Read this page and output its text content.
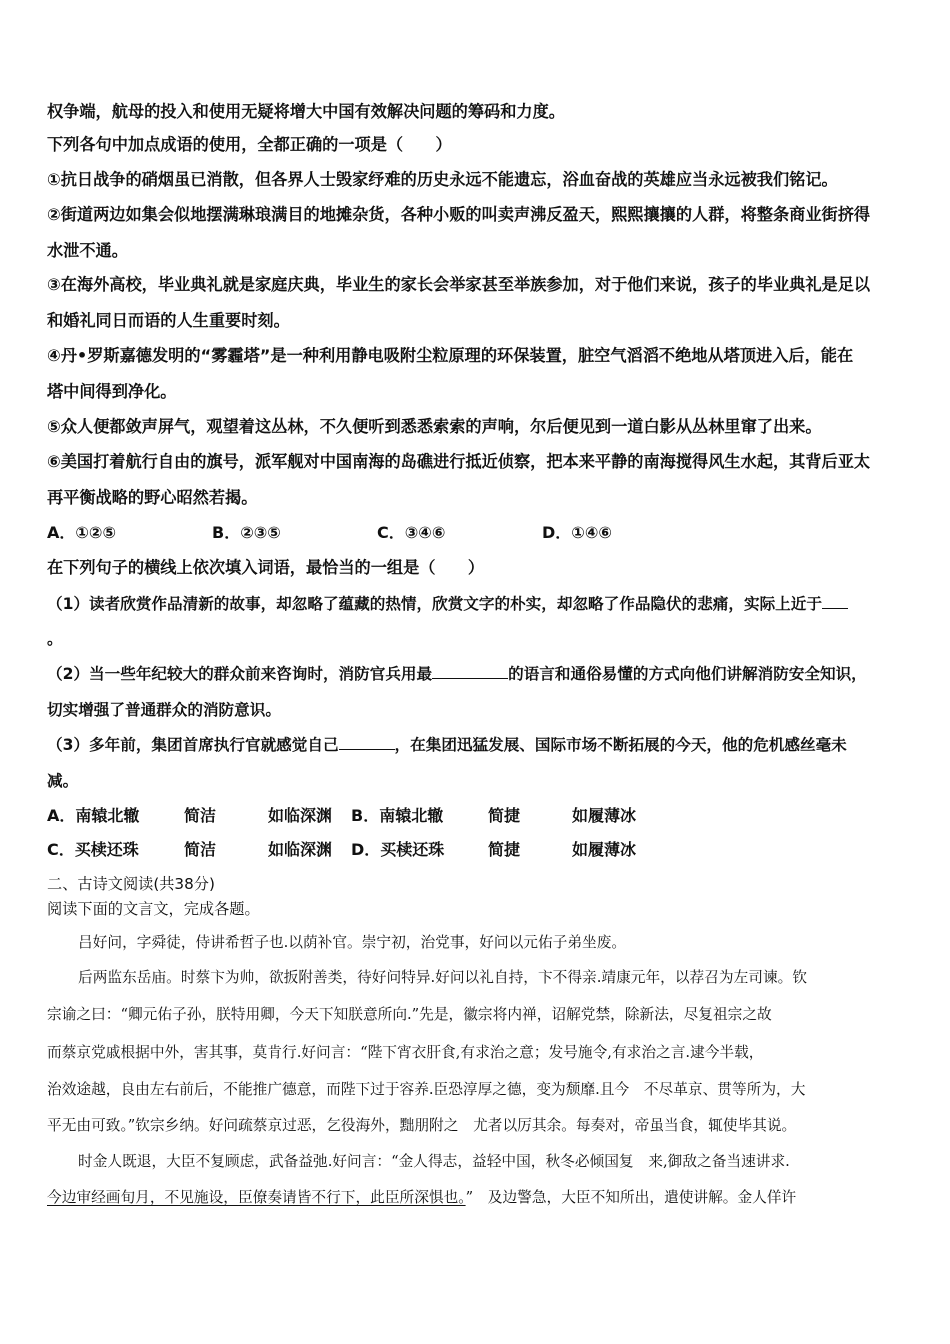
权争端，航母的投入和使用无疑将增大中国有效解决问题的筹码和力度。
下列各句中加点成语的使用，全都正确的一项是（　　）
①抗日战争的硝烟虽已消散，但各界人士毁家纾难的历史永远不能遗忘，浴血奋战的英雄应当永远被我们铭记。
②街道两边如集会似地摆满琳琅满目的地摊杂货，各种小贩的叫卖声沸反盈天，熙熙攘攘的人群，将整条商业街挤得
水泄不通。
③在海外高校，毕业典礼就是家庭庆典，毕业生的家长会举家甚至举族参加，对于他们来说，孩子的毕业典礼是足以
和婚礼同日而语的人生重要时刻。
④丹•罗斯嘉德发明的“雾霾塔”是一种利用静电吸附尘粒原理的环保装置，脏空气滔滔不绝地从塔顶进入后，能在
塔中间得到净化。
⑤众人便都敛声屏气，观望着这丛林，不久便听到悉悉索索的声响，尔后便见到一道白影从丛林里窜了出来。
⑥美国打着航行自由的旗号，派军舰对中国南海的岛礁进行抵近侦察，把本来平静的南海搅得风生水起，其背后亚太
再平衡战略的野心昭然若揭。
A．①②⑤	B．②③⑤	C．③④⑥	D．①④⑥
在下列句子的横线上依次填入词语，最恰当的一组是（　　）
（1）读者欣赏作品清新的故事，却忽略了蕴藏的热情，欣赏文字的朴实，却忽略了作品隐伏的悲痛，实际上近于
。
（2）当一些年纪较大的群众前来咨询时，消防官兵用最	的语言和通俗易懂的方式向他们讲解消防安全知识，
切实增强了普通群众的消防意识。
（3）多年前，集团首席执行官就感觉自己	，在集团迅猛发展、国际市场不断拓展的今天，他的危机感丝毫未
减。
A．南辕北辙	简洁	如临深渊 B．南辕北辙	简捷	如履薄冰
C．买椟还珠	简洁	如临深渊 D．买椟还珠	简捷	如履薄冰
二、古诗文阅读(共38分)
阅读下面的文言文，完成各题。
吕好问，字舜徒，侍讲希哲子也.以荫补官。崇宁初，治党事，好问以元佑子弟坐废。
后两监东岳庙。时蔡卞为帅，欲扳附善类，待好问特异.好问以礼自持，卞不得亲.靖康元年，以荐召为左司谏。钦
宗谕之曰：“卿元佑子孙，朕特用卿，今天下知朕意所向.”先是，徽宗将内禅，诏解党禁，除新法，尽复祖宗之故
而蔡京党戚根据中外，害其事，莫肯行.好问言：“陛下宵衣肝食,有求治之意；发号施令,有求治之言.逮今半载，
治效途越，良由左右前后，不能推广德意，而陛下过于容养.臣恐淳厚之德，变为颓靡.且今　不尽革京、贯等所为，大
平无由可致。”钦宗乡纳。好问疏蔡京过恶，乞役海外，黜朋附之　尤者以厉其余。每奏对，帝虽当食，辄使毕其说。
时金人既退，大臣不复顾虑，武备益弛.好问言：“金人得志，益轻中国，秋冬必倾国复　来,御敌之备当速讲求.
今边审经画旬月，不见施设，臣僚奏请皆不行下，此臣所深惧也。”　及边警急，大臣不知所出，遣使讲解。金人佯许
